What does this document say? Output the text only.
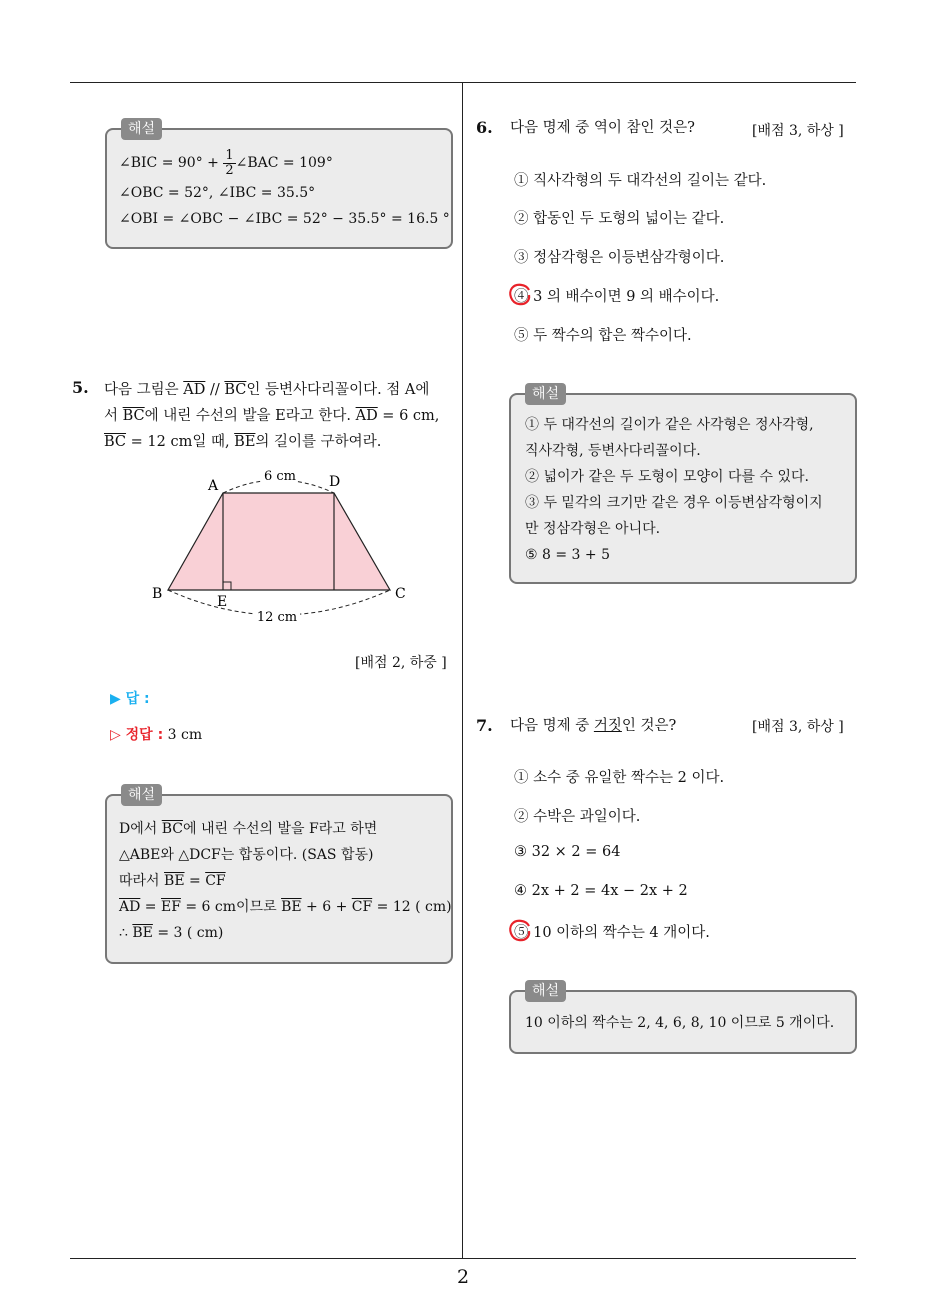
해설
∠BIC = $90^\circ + \frac{1}{2}$ ∠BAC = 109°
∠OBC = 52°, ∠IBC = 35.5°
∠OBI = ∠OBC − ∠IBC = 52° − 35.5° = 16.5 °
5. 다음 그림은 $\overline{AD} // \overline{BC}$인 등변사다리꼴이다. 점 A에
서 $\overline{BC}$에 내린 수선의 발을 E라고 한다. $\overline{AD} = 6$ cm,
$\overline{BC} = 12$ cm일 때, $\overline{BE}$의 길이를 구하여라.
6 cm
12 cm
A	D
B	C
E
[배점 2, 하중 ]
▶ 답 :
▷ 정답 : 3 cm
해설
D에서 $\overline{BC}$에 내린 수선의 발을 F라고 하면
△ABE와 △DCF는 합동이다. (SAS 합동)
따라서 $\overline{BE} = \overline{CF}$
$\overline{AD} = \overline{EF} = 6$ cm이므로 $\overline{BE} + 6 + \overline{CF} = 12$ ( cm)
∴ $\overline{BE} = 3$ ( cm)
6. 다음 명제 중 역이 참인 것은?	[배점 3, 하상 ]
① 직사각형의 두 대각선의 길이는 같다.
② 합동인 두 도형의 넓이는 같다.
③ 정삼각형은 이등변삼각형이다.
④ 3 의 배수이면 9 의 배수이다.
⑤ 두 짝수의 합은 짝수이다.
해설
① 두 대각선의 길이가 같은 사각형은 정사각형,
직사각형, 등변사다리꼴이다.
② 넓이가 같은 두 도형이 모양이 다를 수 있다.
③ 두 밑각의 크기만 같은 경우 이등변삼각형이지
만 정삼각형은 아니다.
⑤ 8 = 3 + 5
7. 다음 명제 중 거짓인 것은?	[배점 3, 하상 ]
① 소수 중 유일한 짝수는 2 이다.
② 수박은 과일이다.
③ 32 × 2 = 64
④ 2x + 2 = 4x − 2x + 2
⑤ 10 이하의 짝수는 4 개이다.
해설
10 이하의 짝수는 2, 4, 6, 8, 10 이므로 5 개이다.
2
